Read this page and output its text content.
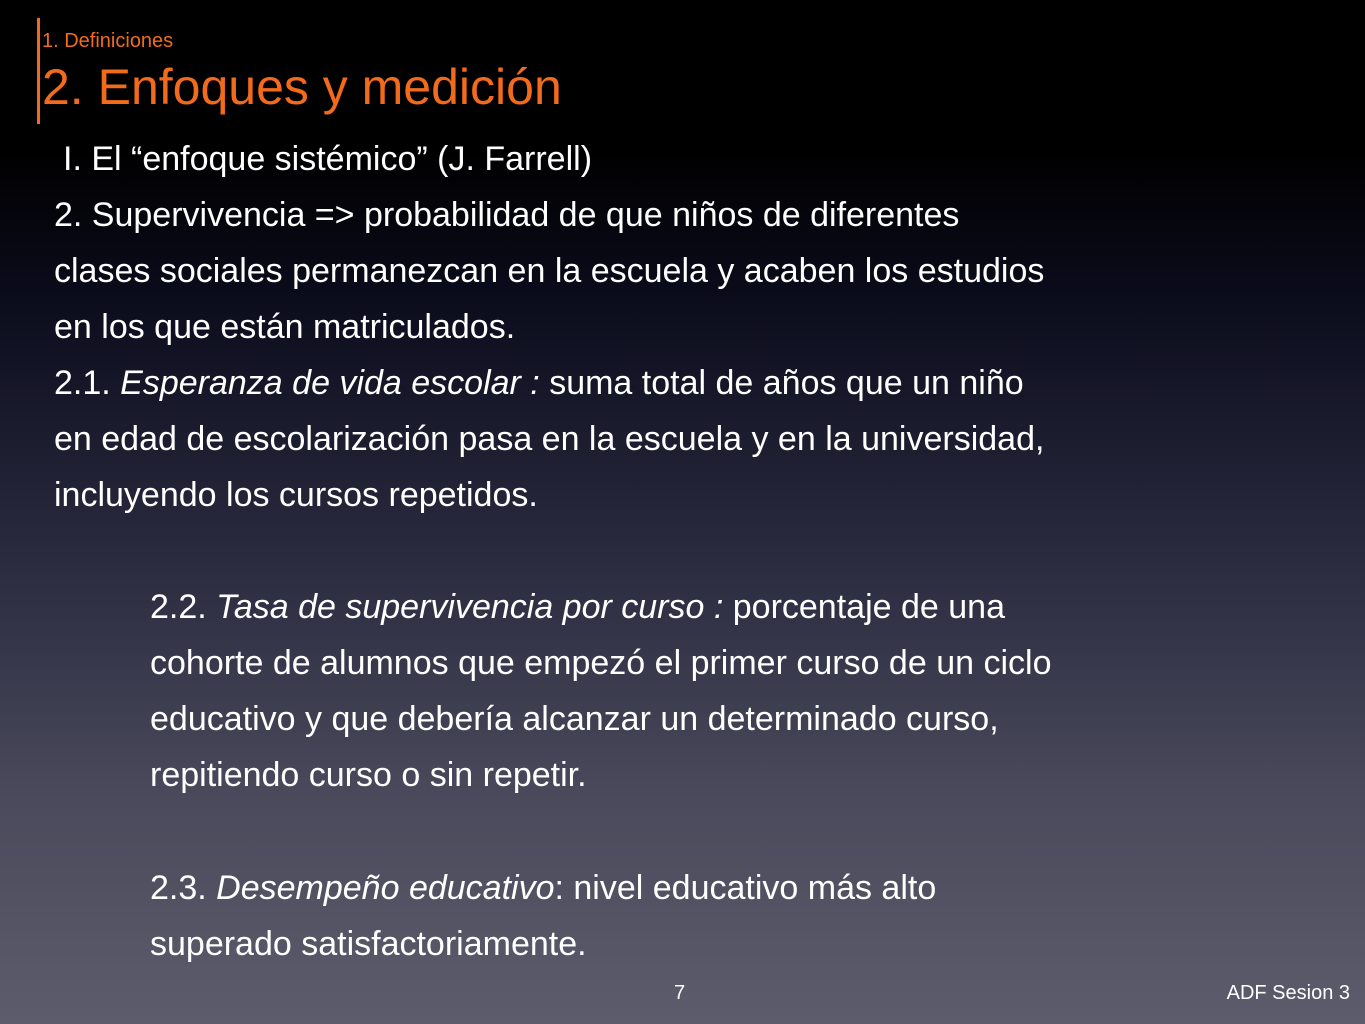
1. Definiciones
2. Enfoques y medición
I. El “enfoque sistémico” (J. Farrell)
2. Supervivencia => probabilidad de que niños de diferentes
clases sociales permanezcan en la escuela y acaben los estudios
en los que están matriculados.
2.1. Esperanza de vida escolar : suma total de años que un niño
en edad de escolarización pasa en la escuela y en la universidad,
incluyendo los cursos repetidos.
2.2. Tasa de supervivencia por curso : porcentaje de una
cohorte de alumnos que empezó el primer curso de un ciclo
educativo y que debería alcanzar un determinado curso,
repitiendo curso o sin repetir.
2.3. Desempeño educativo: nivel educativo más alto
superado satisfactoriamente.
7	ADF Sesion 3
